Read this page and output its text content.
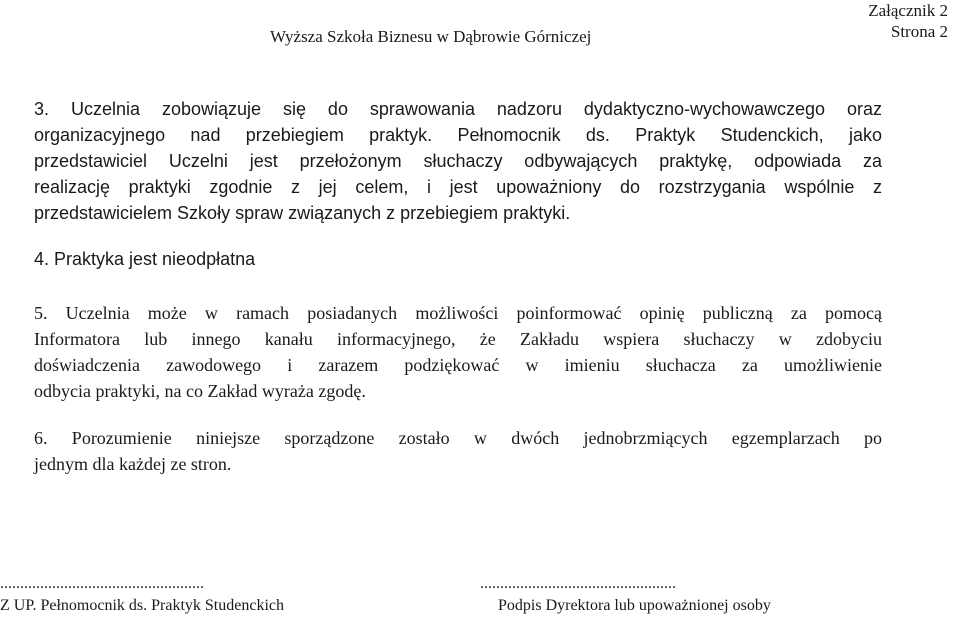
Wyższa Szkoła Biznesu w Dąbrowie Górniczej
Załącznik 2
Strona 2
3. Uczelnia zobowiązuje się do sprawowania nadzoru dydaktyczno-wychowawczego oraz
organizacyjnego nad przebiegiem praktyk. Pełnomocnik ds. Praktyk Studenckich, jako
przedstawiciel Uczelni jest przełożonym słuchaczy odbywających praktykę, odpowiada za
realizację praktyki zgodnie z jej celem, i jest upoważniony do rozstrzygania wspólnie z
przedstawicielem Szkoły spraw związanych z przebiegiem praktyki.
4. Praktyka jest nieodpłatna
5. Uczelnia może w ramach posiadanych możliwości poinformować opinię publiczną za pomocą
Informatora lub innego kanału informacyjnego, że Zakładu wspiera słuchaczy w zdobyciu
doświadczenia zawodowego i zarazem podziękować w imieniu słuchacza za umożliwienie
odbycia praktyki, na co Zakład wyraża zgodę.
6. Porozumienie niniejsze sporządzone zostało w dwóch jednobrzmiących egzemplarzach po
jednym dla każdej ze stron.
...................................................
Z UP. Pełnomocnik ds. Praktyk Studenckich
.................................................
Podpis Dyrektora lub upoważnionej osoby
